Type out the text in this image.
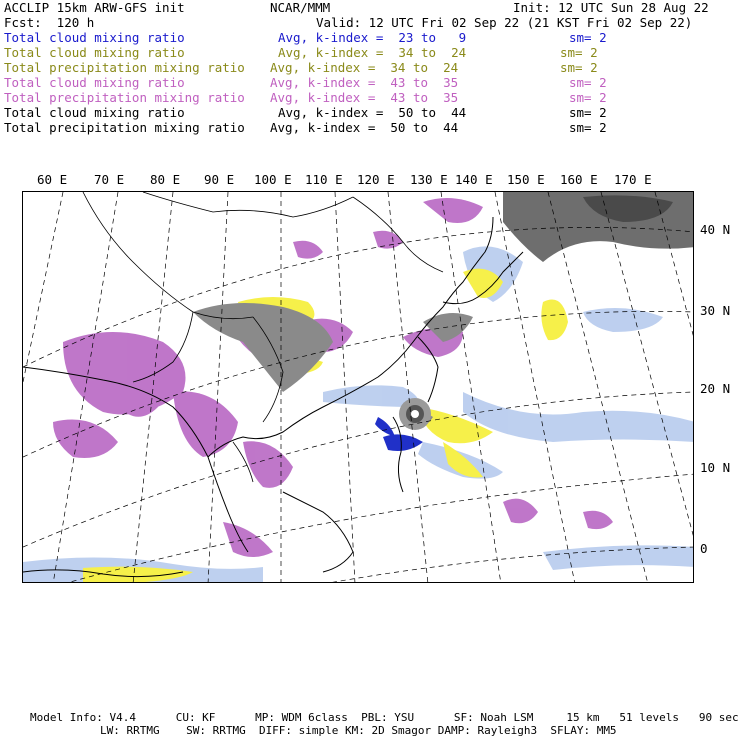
ACCLIP 15km ARW-GFS init	NCAR/MMM	Init: 12 UTC Sun 28 Aug 22
Fcst:  120 h	Valid: 12 UTC Fri 02 Sep 22 (21 KST Fri 02 Sep 22)
Total cloud mixing ratio	Avg, k-index =  23 to   9	sm= 2
Total cloud mixing ratio	Avg, k-index =  34 to  24	sm= 2
Total precipitation mixing ratio Avg, k-index =  34 to  24	sm= 2
Total cloud mixing ratio	Avg, k-index =  43 to  35	sm= 2
Total precipitation mixing ratio Avg, k-index =  43 to  35	sm= 2
Total cloud mixing ratio	Avg, k-index =  50 to  44	sm= 2
Total precipitation mixing ratio Avg, k-index =  50 to  44	sm= 2
60 E 70 E 80 E 90 E 100 E 110 E 120 E 130 E 140 E 150 E 160 E 170 E
40 N
30 N
20 N
10 N
0
Model Info: V4.4      CU: KF      MP: WDM 6class  PBL: YSU      SF: Noah LSM     15 km   51 levels   90 sec
LW: RRTMG    SW: RRTMG  DIFF: simple KM: 2D Smagor DAMP: Rayleigh3  SFLAY: MM5
